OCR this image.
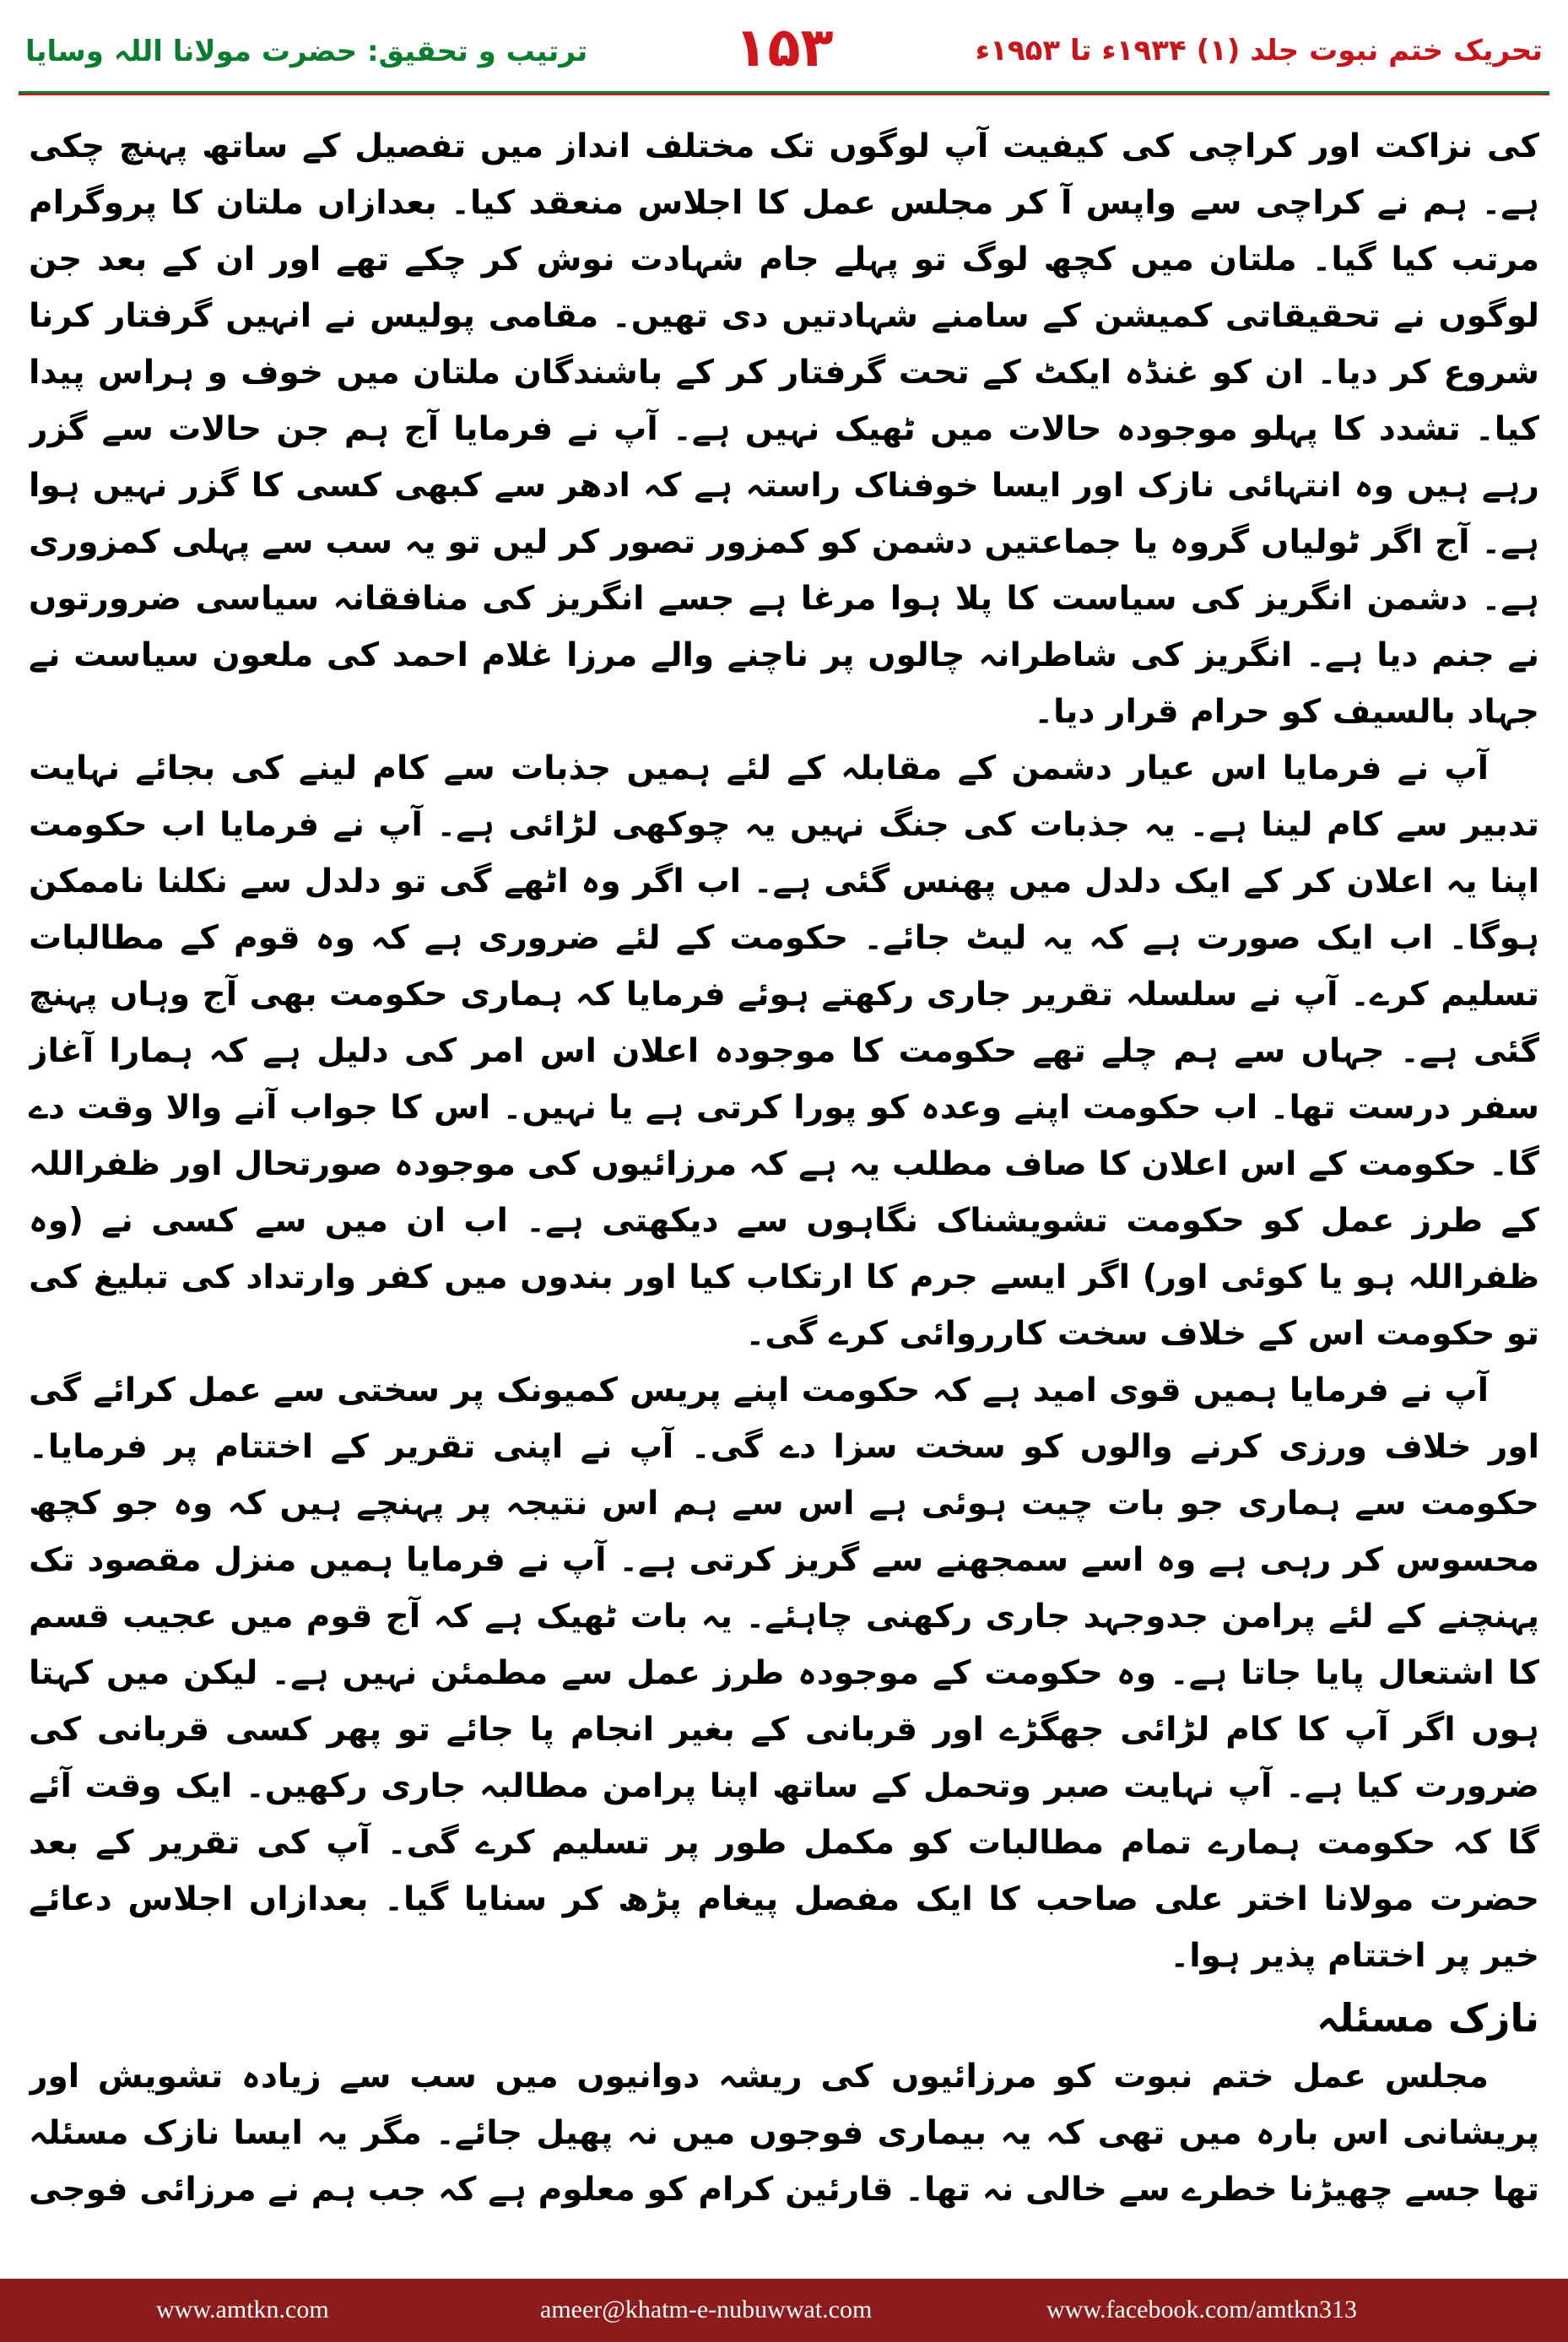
ترتیب و تحقیق: حضرت مولانا اللہ وسایا	۱۵۳	تحریک ختم نبوت جلد (۱) ۱۹۳۴ء تا ۱۹۵۳ء

کی نزاکت اور کراچی کی کیفیت آپ لوگوں تک مختلف انداز میں تفصیل کے ساتھ پہنچ چکی ہے۔ ہم نے کراچی سے واپس آ کر مجلس عمل کا اجلاس منعقد کیا۔ بعدازاں ملتان کا پروگرام مرتب کیا گیا۔ ملتان میں کچھ لوگ تو پہلے جام شہادت نوش کر چکے تھے اور ان کے بعد جن لوگوں نے تحقیقاتی کمیشن کے سامنے شہادتیں دی تھیں۔ مقامی پولیس نے انہیں گرفتار کرنا شروع کر دیا۔ ان کو غنڈہ ایکٹ کے تحت گرفتار کر کے باشندگان ملتان میں خوف و ہراس پیدا کیا۔ تشدد کا پہلو موجودہ حالات میں ٹھیک نہیں ہے۔ آپ نے فرمایا آج ہم جن حالات سے گزر رہے ہیں وہ انتہائی نازک اور ایسا خوفناک راستہ ہے کہ ادھر سے کبھی کسی کا گزر نہیں ہوا ہے۔ آج اگر ٹولیاں گروہ یا جماعتیں دشمن کو کمزور تصور کر لیں تو یہ سب سے پہلی کمزوری ہے۔ دشمن انگریز کی سیاست کا پلا ہوا مرغا ہے جسے انگریز کی منافقانہ سیاسی ضرورتوں نے جنم دیا ہے۔ انگریز کی شاطرانہ چالوں پر ناچنے والے مرزا غلام احمد کی ملعون سیاست نے جہاد بالسیف کو حرام قرار دیا۔

آپ نے فرمایا اس عیار دشمن کے مقابلہ کے لئے ہمیں جذبات سے کام لینے کی بجائے نہایت تدبیر سے کام لینا ہے۔ یہ جذبات کی جنگ نہیں یہ چوکھی لڑائی ہے۔ آپ نے فرمایا اب حکومت اپنا یہ اعلان کر کے ایک دلدل میں پھنس گئی ہے۔ اب اگر وہ اٹھے گی تو دلدل سے نکلنا ناممکن ہوگا۔ اب ایک صورت ہے کہ یہ لیٹ جائے۔ حکومت کے لئے ضروری ہے کہ وہ قوم کے مطالبات تسلیم کرے۔ آپ نے سلسلہ تقریر جاری رکھتے ہوئے فرمایا کہ ہماری حکومت بھی آج وہاں پہنچ گئی ہے۔ جہاں سے ہم چلے تھے حکومت کا موجودہ اعلان اس امر کی دلیل ہے کہ ہمارا آغاز سفر درست تھا۔ اب حکومت اپنے وعدہ کو پورا کرتی ہے یا نہیں۔ اس کا جواب آنے والا وقت دے گا۔ حکومت کے اس اعلان کا صاف مطلب یہ ہے کہ مرزائیوں کی موجودہ صورتحال اور ظفراللہ کے طرز عمل کو حکومت تشویشناک نگاہوں سے دیکھتی ہے۔ اب ان میں سے کسی نے (وہ ظفراللہ ہو یا کوئی اور) اگر ایسے جرم کا ارتکاب کیا اور بندوں میں کفر وارتداد کی تبلیغ کی تو حکومت اس کے خلاف سخت کارروائی کرے گی۔

آپ نے فرمایا ہمیں قوی امید ہے کہ حکومت اپنے پریس کمیونک پر سختی سے عمل کرائے گی اور خلاف ورزی کرنے والوں کو سخت سزا دے گی۔ آپ نے اپنی تقریر کے اختتام پر فرمایا۔ حکومت سے ہماری جو بات چیت ہوئی ہے اس سے ہم اس نتیجہ پر پہنچے ہیں کہ وہ جو کچھ محسوس کر رہی ہے وہ اسے سمجھنے سے گریز کرتی ہے۔ آپ نے فرمایا ہمیں منزل مقصود تک پہنچنے کے لئے پرامن جدوجہد جاری رکھنی چاہئے۔ یہ بات ٹھیک ہے کہ آج قوم میں عجیب قسم کا اشتعال پایا جاتا ہے۔ وہ حکومت کے موجودہ طرز عمل سے مطمئن نہیں ہے۔ لیکن میں کہتا ہوں اگر آپ کا کام لڑائی جھگڑے اور قربانی کے بغیر انجام پا جائے تو پھر کسی قربانی کی ضرورت کیا ہے۔ آپ نہایت صبر وتحمل کے ساتھ اپنا پرامن مطالبہ جاری رکھیں۔ ایک وقت آئے گا کہ حکومت ہمارے تمام مطالبات کو مکمل طور پر تسلیم کرے گی۔ آپ کی تقریر کے بعد حضرت مولانا اختر علی صاحب کا ایک مفصل پیغام پڑھ کر سنایا گیا۔ بعدازاں اجلاس دعائے خیر پر اختتام پذیر ہوا۔

نازک مسئلہ

مجلس عمل ختم نبوت کو مرزائیوں کی ریشہ دوانیوں میں سب سے زیادہ تشویش اور پریشانی اس بارہ میں تھی کہ یہ بیماری فوجوں میں نہ پھیل جائے۔ مگر یہ ایسا نازک مسئلہ تھا جسے چھیڑنا خطرے سے خالی نہ تھا۔ قارئین کرام کو معلوم ہے کہ جب ہم نے مرزائی فوجی

www.amtkn.com	ameer@khatm-e-nubuwwat.com	www.facebook.com/amtkn313
